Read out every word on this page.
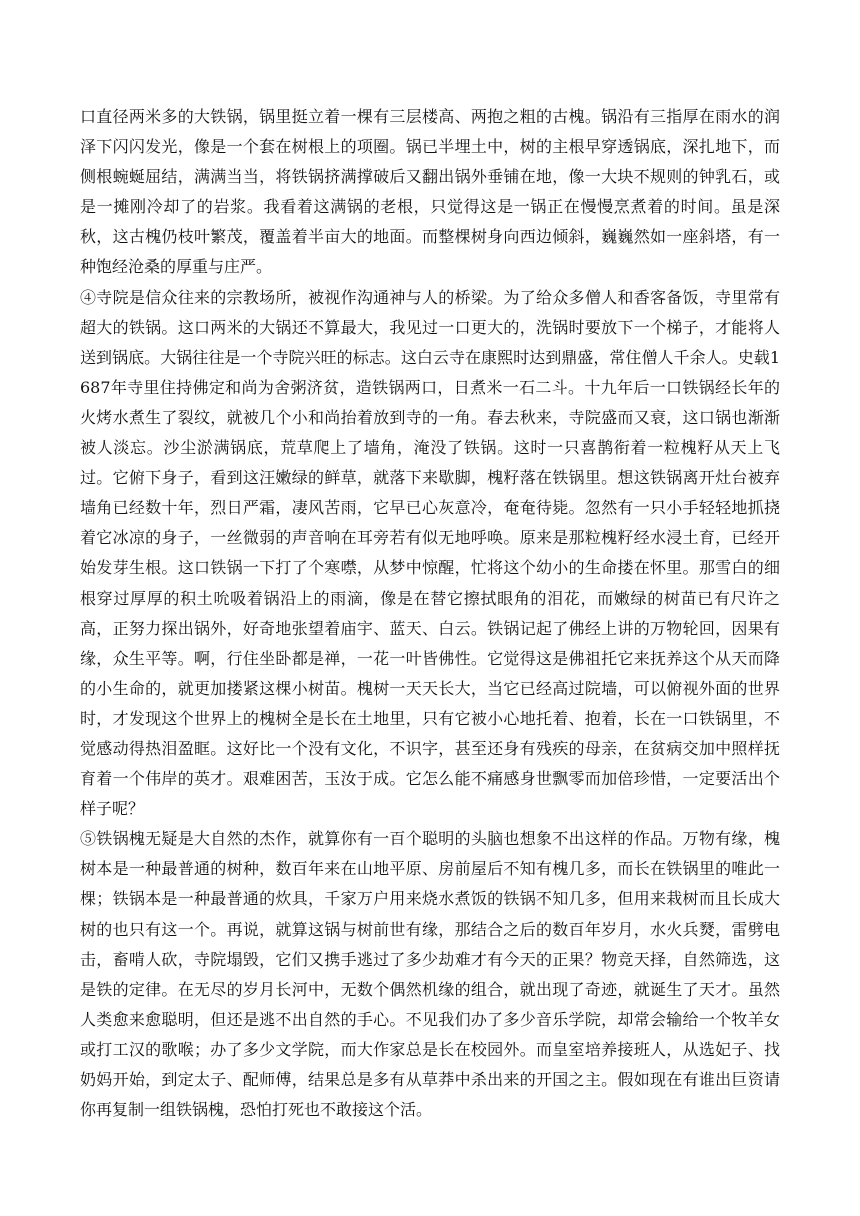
口直径两米多的大铁锅，锅里挺立着一棵有三层楼高、两抱之粗的古槐。锅沿有三指厚在雨水的润泽下闪闪发光，像是一个套在树根上的项圈。锅已半埋土中，树的主根早穿透锅底，深扎地下，而侧根蜿蜒屈结，满满当当，将铁锅挤满撑破后又翻出锅外垂铺在地，像一大块不规则的钟乳石，或是一摊刚冷却了的岩浆。我看着这满锅的老根，只觉得这是一锅正在慢慢烹煮着的时间。虽是深秋，这古槐仍枝叶繁茂，覆盖着半亩大的地面。而整棵树身向西边倾斜，巍巍然如一座斜塔，有一种饱经沧桑的厚重与庄严。

④寺院是信众往来的宗教场所，被视作沟通神与人的桥梁。为了给众多僧人和香客备饭，寺里常有超大的铁锅。这口两米的大锅还不算最大，我见过一口更大的，洗锅时要放下一个梯子，才能将人送到锅底。大锅往往是一个寺院兴旺的标志。这白云寺在康熙时达到鼎盛，常住僧人千余人。史载1687年寺里住持佛定和尚为舍粥济贫，造铁锅两口，日煮米一石二斗。十九年后一口铁锅经长年的火烤水煮生了裂纹，就被几个小和尚抬着放到寺的一角。春去秋来，寺院盛而又衰，这口锅也渐渐被人淡忘。沙尘淤满锅底，荒草爬上了墙角，淹没了铁锅。这时一只喜鹊衔着一粒槐籽从天上飞过。它俯下身子，看到这汪嫩绿的鲜草，就落下来歇脚，槐籽落在铁锅里。想这铁锅离开灶台被弃墙角已经数十年，烈日严霜，凄风苦雨，它早已心灰意冷，奄奄待毙。忽然有一只小手轻轻地抓挠着它冰凉的身子，一丝微弱的声音响在耳旁若有似无地呼唤。原来是那粒槐籽经水浸土育，已经开始发芽生根。这口铁锅一下打了个寒噤，从梦中惊醒，忙将这个幼小的生命搂在怀里。那雪白的细根穿过厚厚的积土吮吸着锅沿上的雨滴，像是在替它擦拭眼角的泪花，而嫩绿的树苗已有尺许之高，正努力探出锅外，好奇地张望着庙宇、蓝天、白云。铁锅记起了佛经上讲的万物轮回，因果有缘，众生平等。啊，行住坐卧都是禅，一花一叶皆佛性。它觉得这是佛祖托它来抚养这个从天而降的小生命的，就更加搂紧这棵小树苗。槐树一天天长大，当它已经高过院墙，可以俯视外面的世界时，才发现这个世界上的槐树全是长在土地里，只有它被小心地托着、抱着，长在一口铁锅里，不觉感动得热泪盈眶。这好比一个没有文化，不识字，甚至还身有残疾的母亲，在贫病交加中照样抚育着一个伟岸的英才。艰难困苦，玉汝于成。它怎么能不痛感身世飘零而加倍珍惜，一定要活出个样子呢？

⑤铁锅槐无疑是大自然的杰作，就算你有一百个聪明的头脑也想象不出这样的作品。万物有缘，槐树本是一种最普通的树种，数百年来在山地平原、房前屋后不知有槐几多，而长在铁锅里的唯此一棵；铁锅本是一种最普通的炊具，千家万户用来烧水煮饭的铁锅不知几多，但用来栽树而且长成大树的也只有这一个。再说，就算这锅与树前世有缘，那结合之后的数百年岁月，水火兵燹，雷劈电击，畜啃人砍，寺院塌毁，它们又携手逃过了多少劫难才有今天的正果？物竞天择，自然筛选，这是铁的定律。在无尽的岁月长河中，无数个偶然机缘的组合，就出现了奇迹，就诞生了天才。虽然人类愈来愈聪明，但还是逃不出自然的手心。不见我们办了多少音乐学院，却常会输给一个牧羊女或打工汉的歌喉；办了多少文学院，而大作家总是长在校园外。而皇室培养接班人，从选妃子、找奶妈开始，到定太子、配师傅，结果总是多有从草莽中杀出来的开国之主。假如现在有谁出巨资请你再复制一组铁锅槐，恐怕打死也不敢接这个活。
